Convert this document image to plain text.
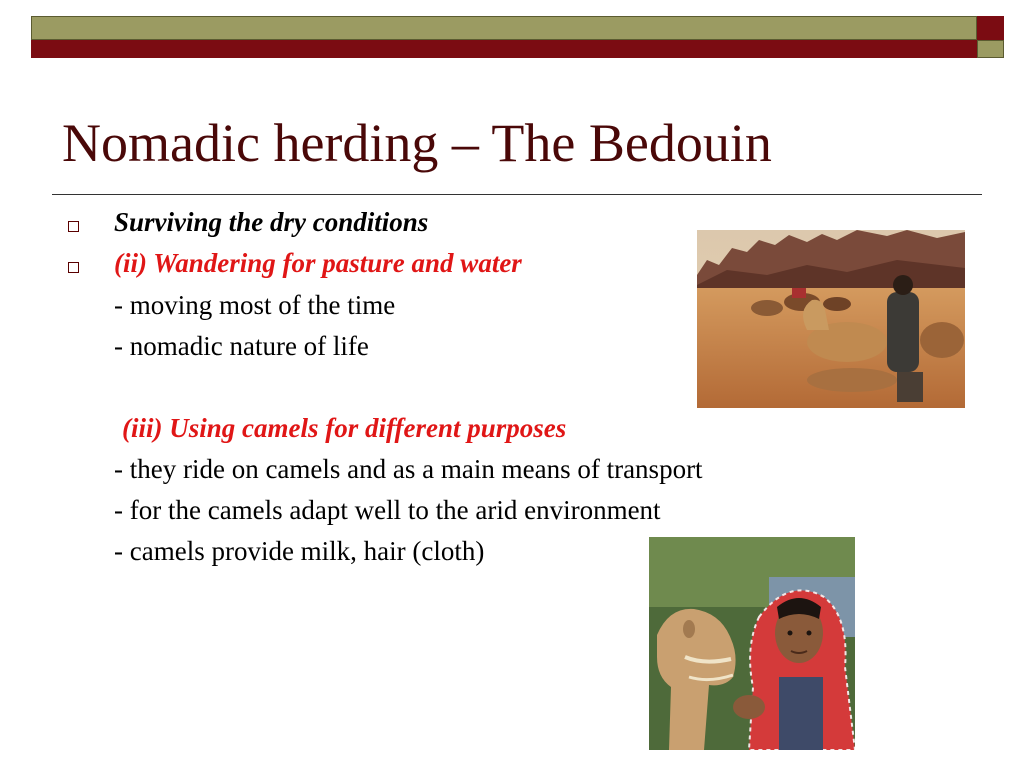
Nomadic herding – The Bedouin
Surviving the dry conditions
(ii) Wandering for pasture and water
- moving most of the time
- nomadic nature of life
(iii) Using camels for different purposes
- they ride on camels and as a main means of transport
- for the camels adapt well to the arid environment
- camels provide milk, hair (cloth)
